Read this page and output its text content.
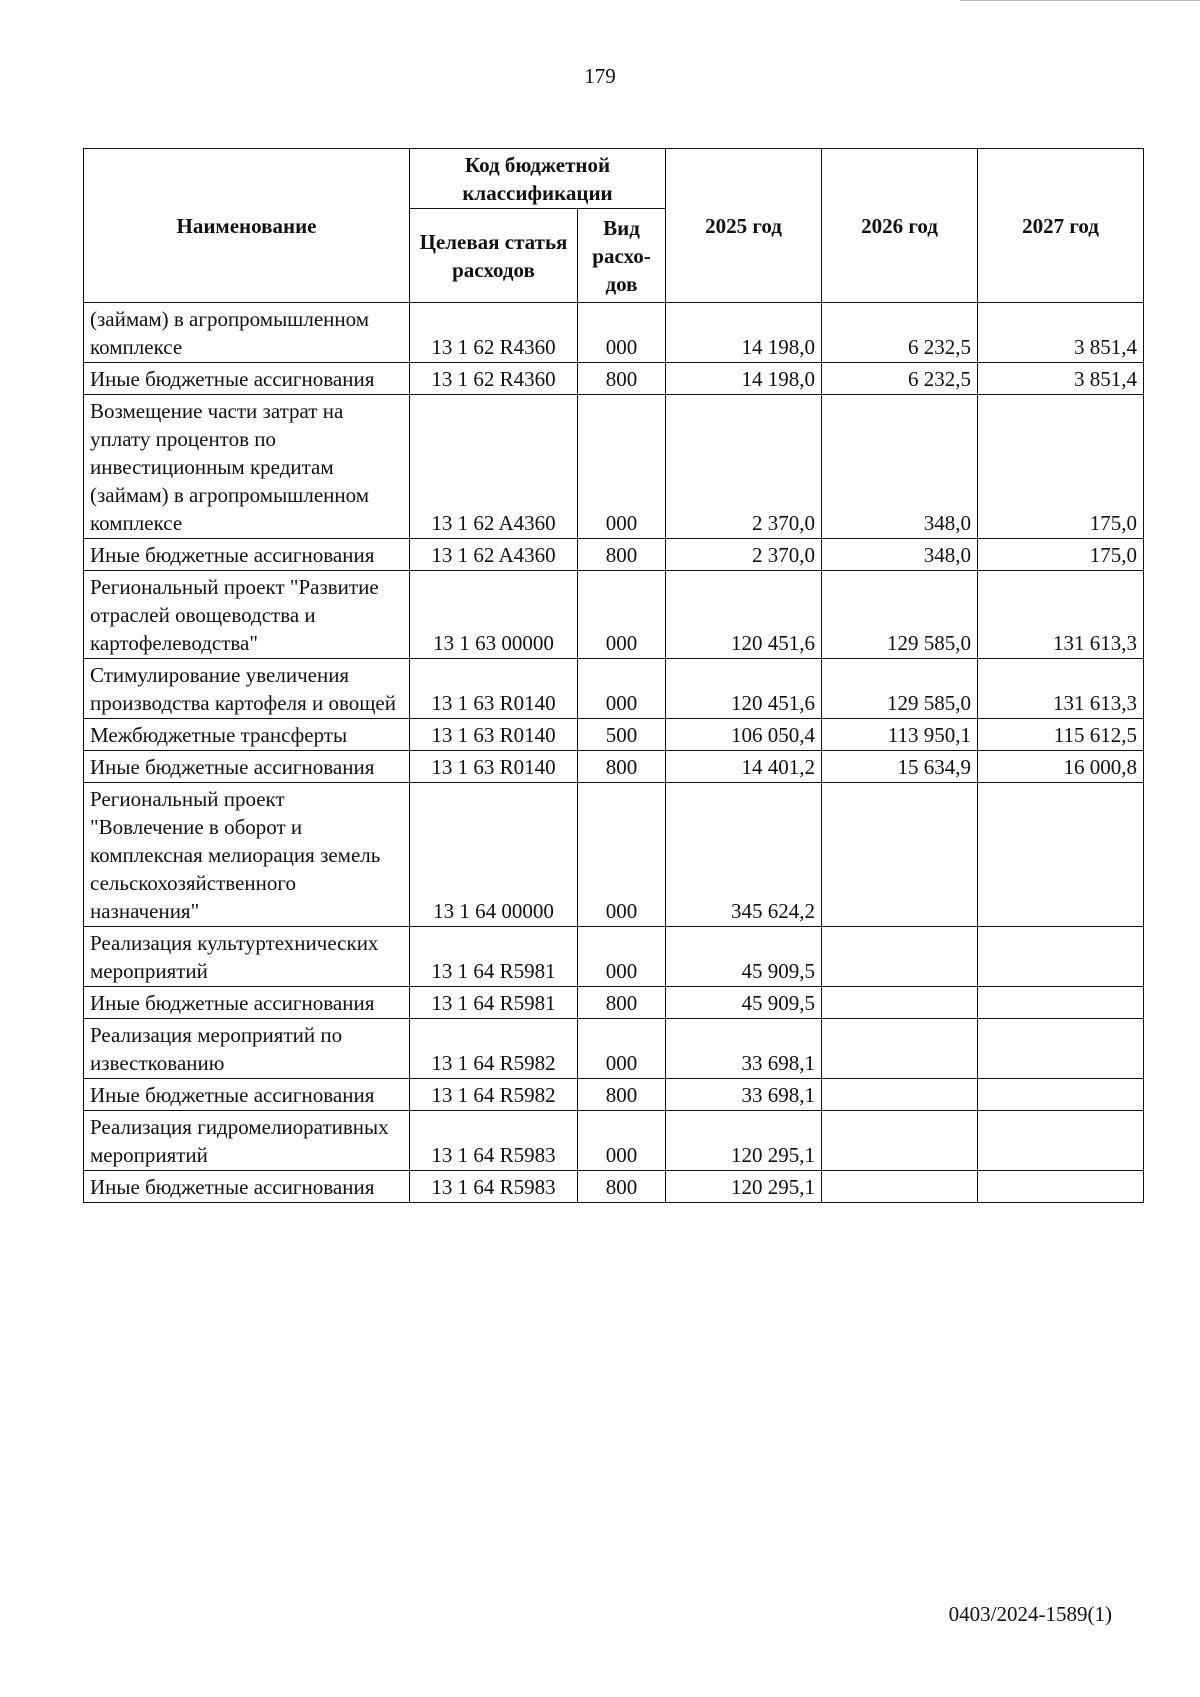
179
Наименование	Код бюджетной классификации		2025 год	2026 год	2027 год
	Целевая статья расходов	Вид расхо-дов			
(займам) в агропромышленном комплексе	13 1 62 R4360	000	14 198,0	6 232,5	3 851,4
Иные бюджетные ассигнования	13 1 62 R4360	800	14 198,0	6 232,5	3 851,4
Возмещение части затрат на уплату процентов по инвестиционным кредитам (займам) в агропромышленном комплексе	13 1 62 A4360	000	2 370,0	348,0	175,0
Иные бюджетные ассигнования	13 1 62 A4360	800	2 370,0	348,0	175,0
Региональный проект "Развитие отраслей овощеводства и картофелеводства"	13 1 63 00000	000	120 451,6	129 585,0	131 613,3
Стимулирование увеличения производства картофеля и овощей	13 1 63 R0140	000	120 451,6	129 585,0	131 613,3
Межбюджетные трансферты	13 1 63 R0140	500	106 050,4	113 950,1	115 612,5
Иные бюджетные ассигнования	13 1 63 R0140	800	14 401,2	15 634,9	16 000,8
Региональный проект "Вовлечение в оборот и комплексная мелиорация земель сельскохозяйственного назначения"	13 1 64 00000	000	345 624,2		
Реализация культуртехнических мероприятий	13 1 64 R5981	000	45 909,5		
Иные бюджетные ассигнования	13 1 64 R5981	800	45 909,5		
Реализация мероприятий по известкованию	13 1 64 R5982	000	33 698,1		
Иные бюджетные ассигнования	13 1 64 R5982	800	33 698,1		
Реализация гидромелиоративных мероприятий	13 1 64 R5983	000	120 295,1		
Иные бюджетные ассигнования	13 1 64 R5983	800	120 295,1		
0403/2024-1589(1)
